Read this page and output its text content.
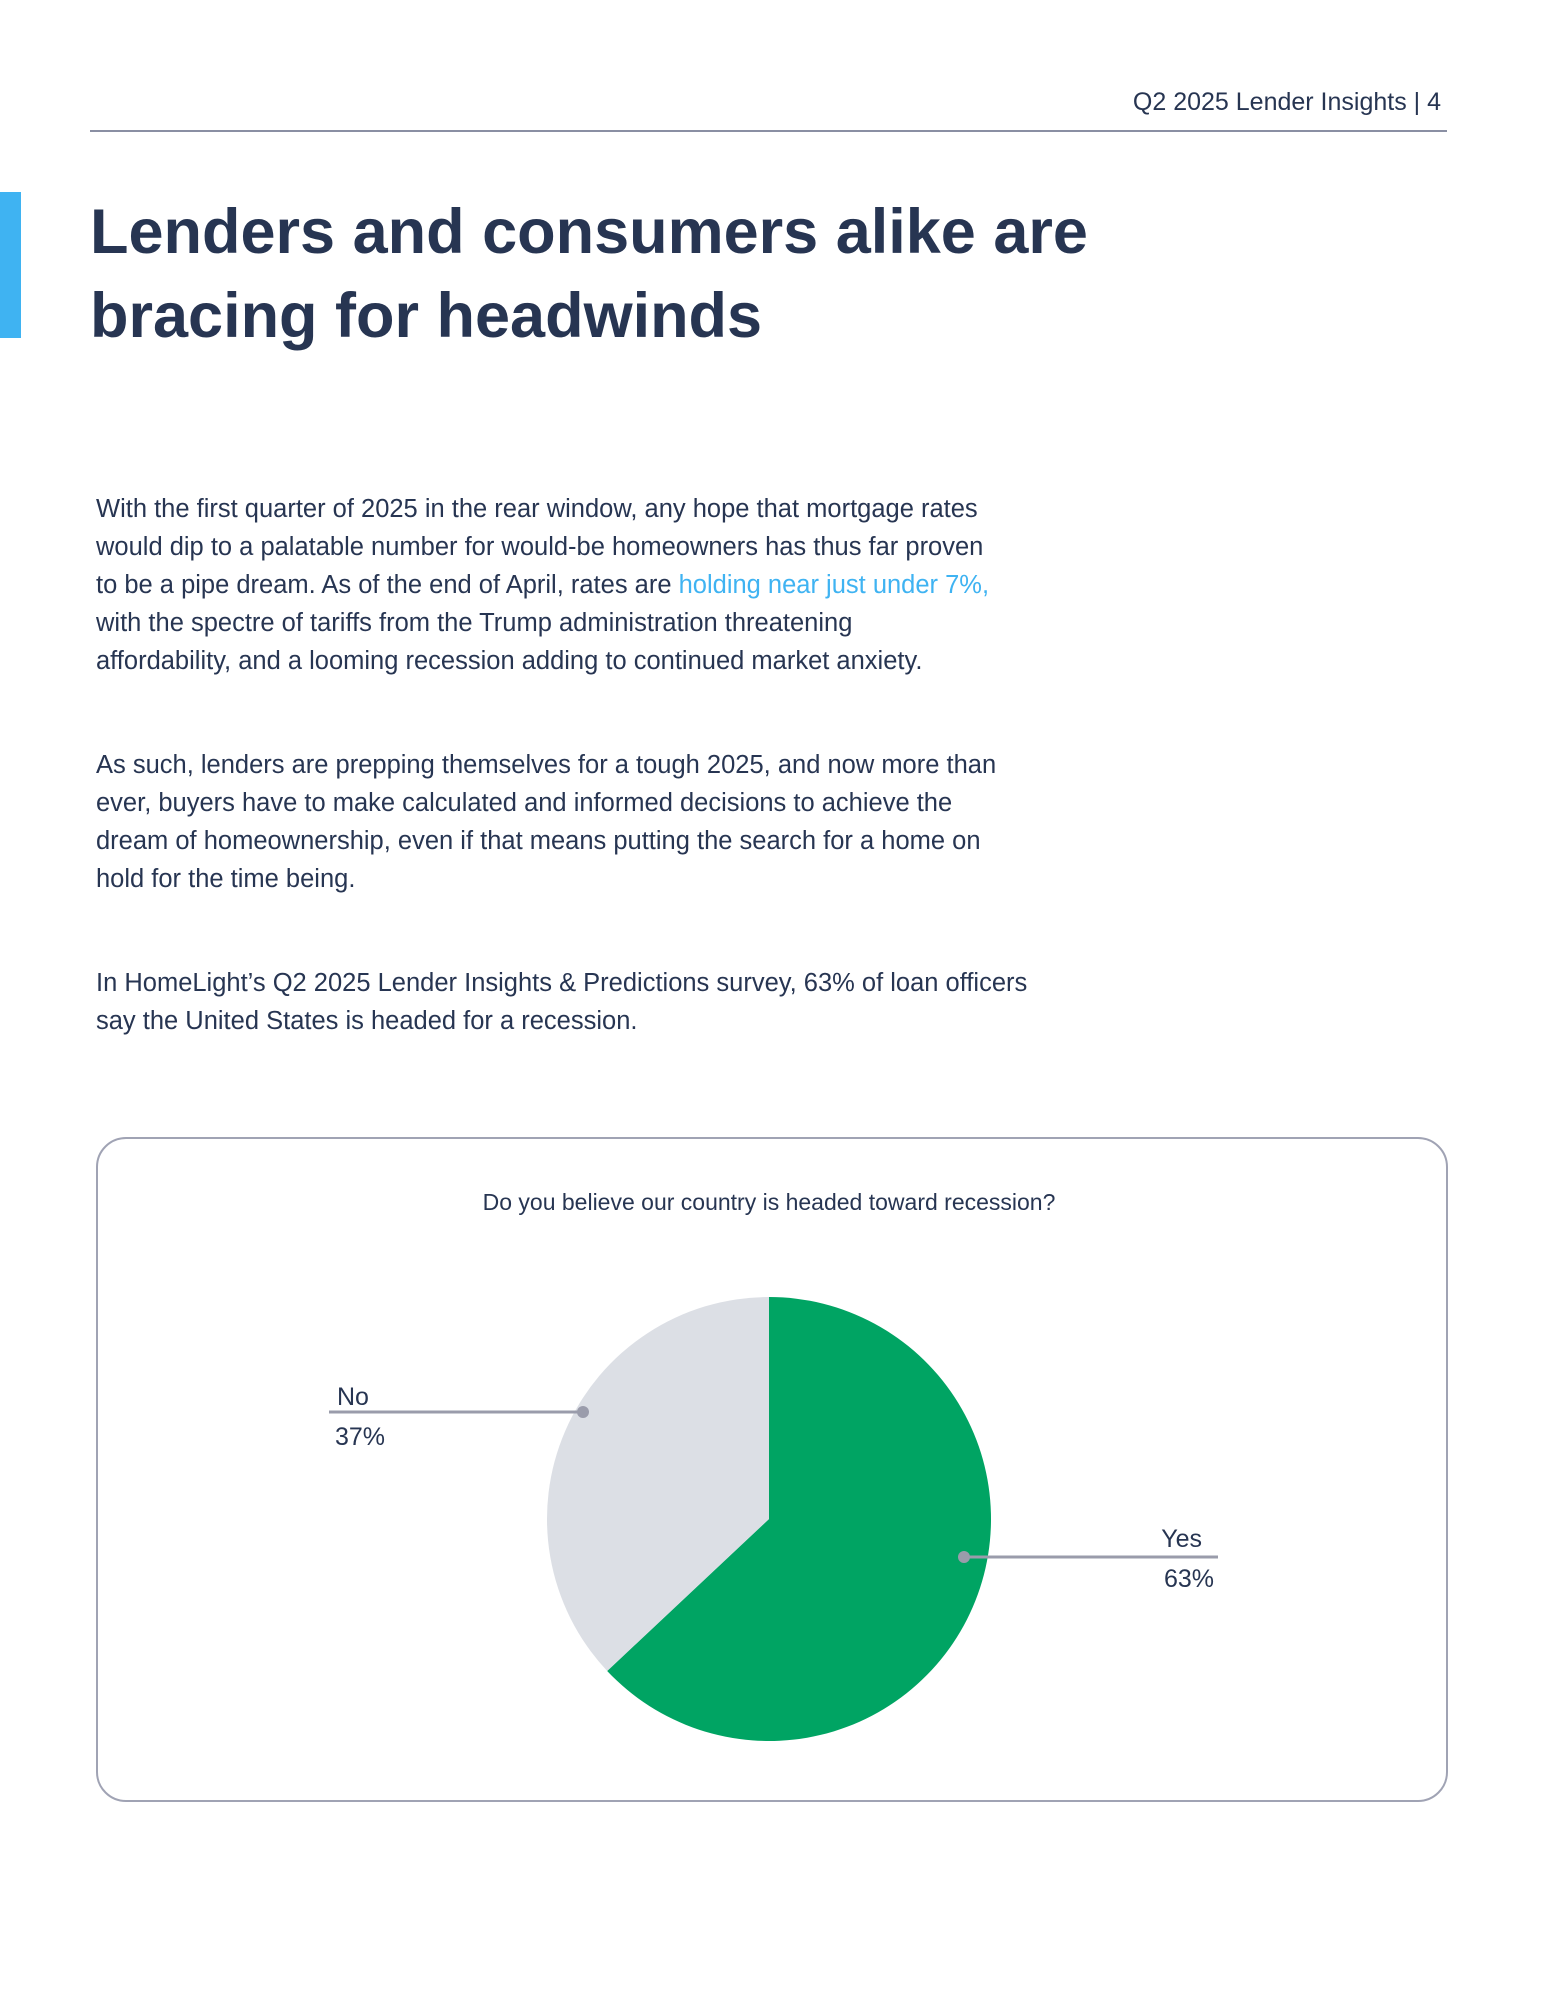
Q2 2025 Lender Insights | 4
Lenders and consumers alike are
bracing for headwinds

With the first quarter of 2025 in the rear window, any hope that mortgage rates
would dip to a palatable number for would-be homeowners has thus far proven
to be a pipe dream. As of the end of April, rates are holding near just under 7%,
with the spectre of tariffs from the Trump administration threatening
affordability, and a looming recession adding to continued market anxiety.

As such, lenders are prepping themselves for a tough 2025, and now more than
ever, buyers have to make calculated and informed decisions to achieve the
dream of homeownership, even if that means putting the search for a home on
hold for the time being.

In HomeLight’s Q2 2025 Lender Insights & Predictions survey, 63% of loan officers
say the United States is headed for a recession.

Do you believe our country is headed toward recession?
No
37%
Yes
63%
